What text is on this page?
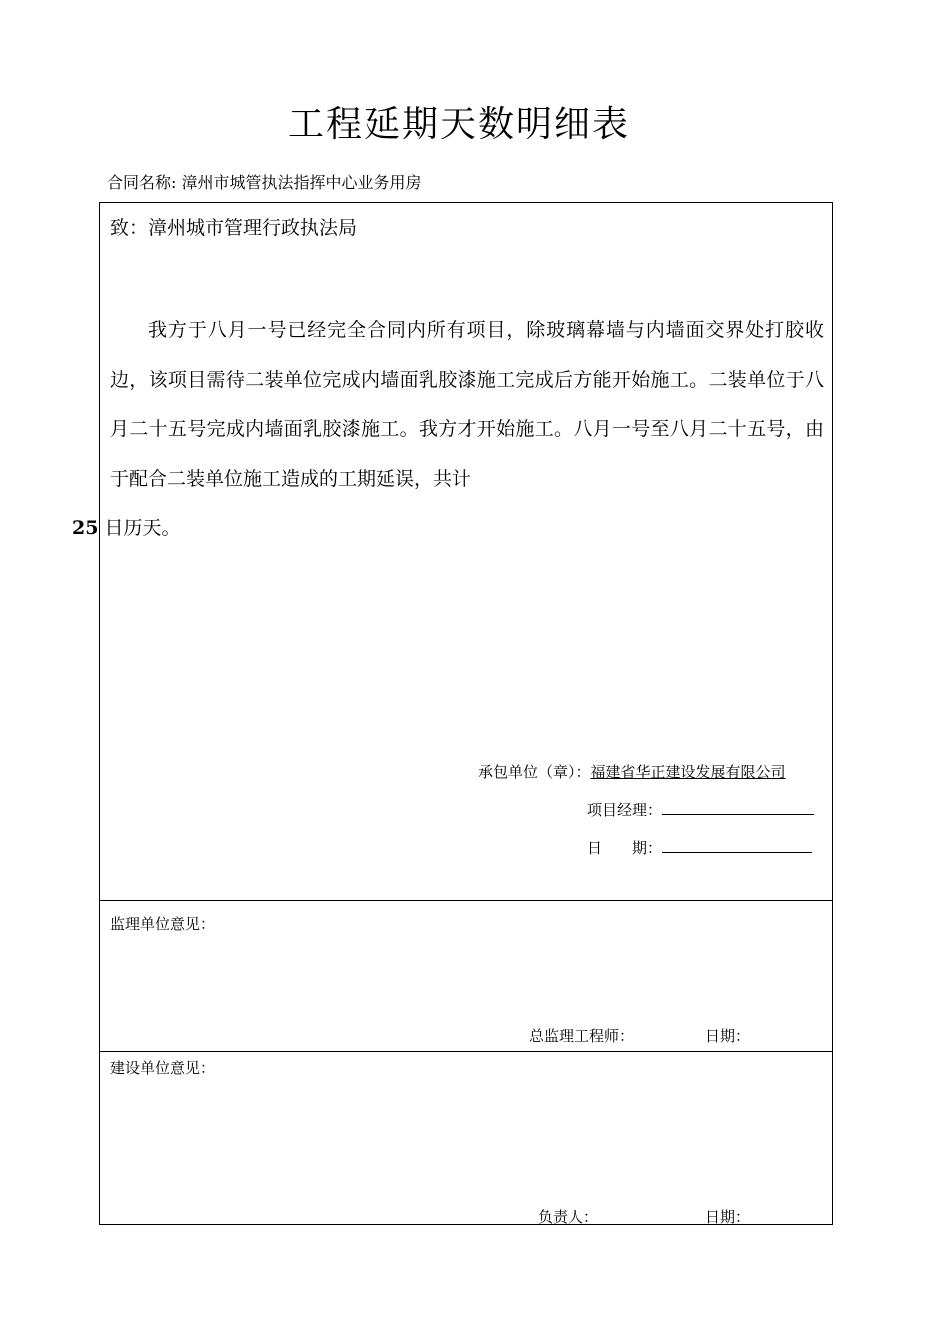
工程延期天数明细表
合同名称: 漳州市城管执法指挥中心业务用房
致：漳州城市管理行政执法局

我方于八月一号已经完全合同内所有项目，除玻璃幕墙与内墙面交界处打胶收边，该项目需待二装单位完成内墙面乳胶漆施工完成后方能开始施工。二装单位于八月二十五号完成内墙面乳胶漆施工。我方才开始施工。八月一号至八月二十五号，由于配合二装单位施工造成的工期延误，共计
25 日历天。

承包单位（章）：福建省华正建设发展有限公司
项目经理：
日　　期：
监理单位意见：
总监理工程师：	日期：
建设单位意见：
负责人：	日期：
